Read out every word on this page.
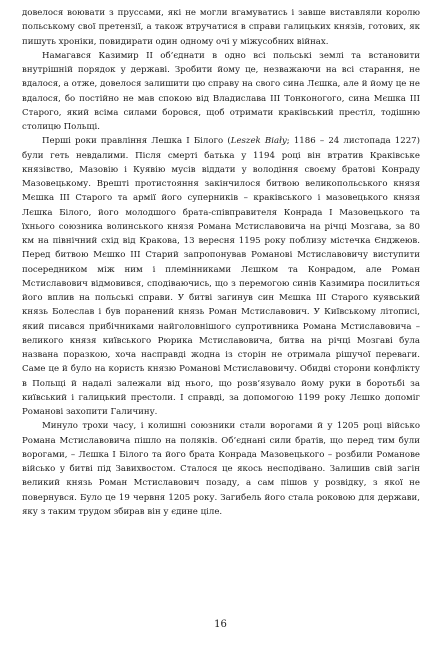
довелося воювати з пруссами, які не могли вгамуватись і завше виставляли королю польському свої претензії, а також втручатися в справи галицьких князів, готових, як пишуть хроніки, повидирати один одному очі у міжусобних війнах.

Намагався Казимир II об’єднати в одно всі польські землі та встановити внутрішній порядок у державі. Зробити йому це, незважаючи на всі старання, не вдалося, а отже, довелося залишити цю справу на свого сина Лєшка, але й йому це не вдалося, бо постійно не мав спокою від Владислава III Тонконогого, сина Мєшка III Старого, який всіма силами боровся, щоб отримати краківський престіл, тодішню столицю Польщі.

Перші роки правління Лешка І Білого (Leszek Biały; 1186 – 24 листопада 1227) були геть невдалими. Після смерті батька у 1194 році він втратив Краківське князівство, Мазовію і Куявію мусів віддати у володіння своєму братові Конраду Мазовецькому. Врешті протистояння закінчилося битвою великопольського князя Мєшка III Старого та армії його суперників – краківського і мазовецького князя Лєшка Білого, його молодшого брата-співправителя Конрада I Мазовецького та їхнього союзника волинського князя Романа Мстиславовича на річці Мозгава, за 80 км на північний схід від Кракова, 13 вересня 1195 року поблизу містечка Єнджеюв. Перед битвою Мєшко III Старий запропонував Романові Мстиславовичу виступити посередником між ним і племінниками Лєшком та Конрадом, але Роман Мстиславович відмовився, сподіваючись, що з перемогою синів Казимира посилиться його вплив на польські справи. У битві загинув син Мєшка III Старого куявський князь Болеслав і був поранений князь Роман Мстиславович. У Київському літописі, який писався прибічниками найголовнішого супротивника Романа Мстиславовича – великого князя київського Рюрика Мстиславовича, битва на річці Мозгаві була названа поразкою, хоча насправді жодна із сторін не отримала рішучої переваги. Саме це й було на користь князю Романові Мстиславовичу. Обидві сторони конфлікту в Польщі й надалі залежали від нього, що розв’язувало йому руки в боротьбі за київський і галицький престоли. І справді, за допомогою 1199 року Лєшко допоміг Романові захопити Галичину.

Минуло трохи часу, і колишні союзники стали ворогами й у 1205 році військо Романа Мстиславовича пішло на поляків. Об’єднані сили братів, що перед тим були ворогами, – Лєшка I Білого та його брата Конрада Мазовецького – розбили Романове військо у битві під Завихвостом. Сталося це якось несподівано. Залишив свій загін великий князь Роман Мстиславович позаду, а сам пішов у розвідку, з якої не повернувся. Було це 19 червня 1205 року. Загибель його стала роковою для держави, яку з таким трудом збирав він у єдине ціле.

16
